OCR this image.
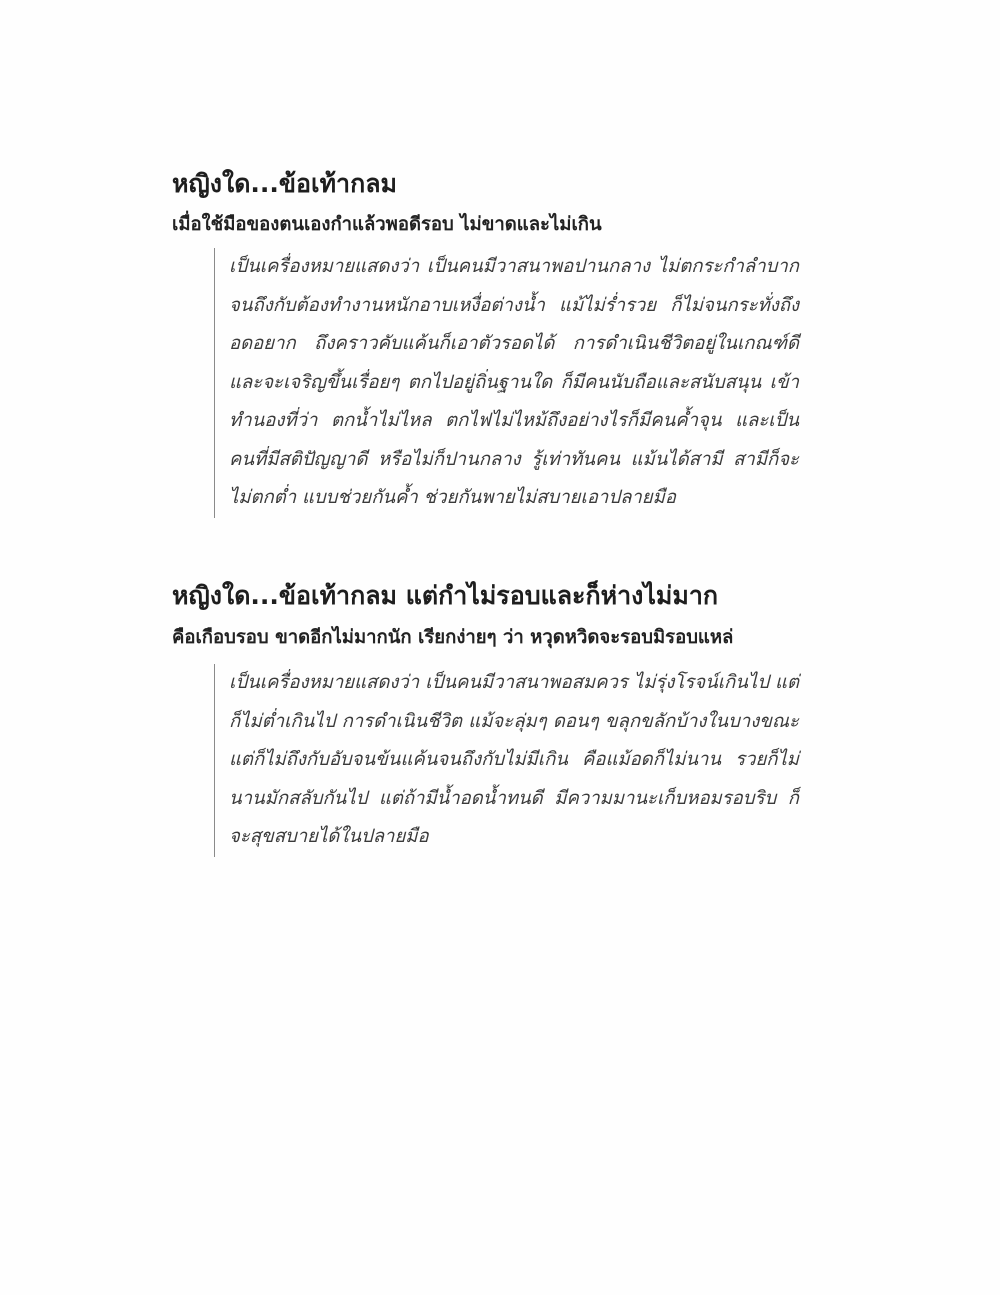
หญิงใด...ข้อเท้ากลม
เมื่อใช้มือของตนเองกำแล้วพอดีรอบ ไม่ขาดและไม่เกิน

เป็นเครื่องหมายแสดงว่า เป็นคนมีวาสนาพอปานกลาง ไม่ตกระกำลำบากจนถึงกับต้องทำงานหนักอาบเหงื่อต่างน้ำ แม้ไม่ร่ำรวย ก็ไม่จนกระทั่งถึงอดอยาก ถึงคราวคับแค้นก็เอาตัวรอดได้ การดำเนินชีวิตอยู่ในเกณฑ์ดี และจะเจริญขึ้นเรื่อยๆ ตกไปอยู่ถิ่นฐานใด ก็มีคนนับถือและสนับสนุน เข้าทำนองที่ว่า ตกน้ำไม่ไหล ตกไฟไม่ไหม้ถึงอย่างไรก็มีคนค้ำจุน และเป็นคนที่มีสติปัญญาดี หรือไม่ก็ปานกลาง รู้เท่าทันคน แม้นได้สามี สามีก็จะไม่ตกต่ำ แบบช่วยกันค้ำ ช่วยกันพายไม่สบายเอาปลายมือ

หญิงใด...ข้อเท้ากลม แต่กำไม่รอบและก็ห่างไม่มาก
คือเกือบรอบ ขาดอีกไม่มากนัก เรียกง่ายๆ ว่า หวุดหวิดจะรอบมิรอบแหล่

เป็นเครื่องหมายแสดงว่า เป็นคนมีวาสนาพอสมควร ไม่รุ่งโรจน์เกินไป แต่ก็ไม่ต่ำเกินไป การดำเนินชีวิต แม้จะลุ่มๆ ดอนๆ ขลุกขลักบ้างในบางขณะ แต่ก็ไม่ถึงกับอับจนข้นแค้นจนถึงกับไม่มีเกิน คือแม้อดก็ไม่นาน รวยก็ไม่นานมักสลับกันไป แต่ถ้ามีน้ำอดน้ำทนดี มีความมานะเก็บหอมรอบริบ ก็จะสุขสบายได้ในปลายมือ
